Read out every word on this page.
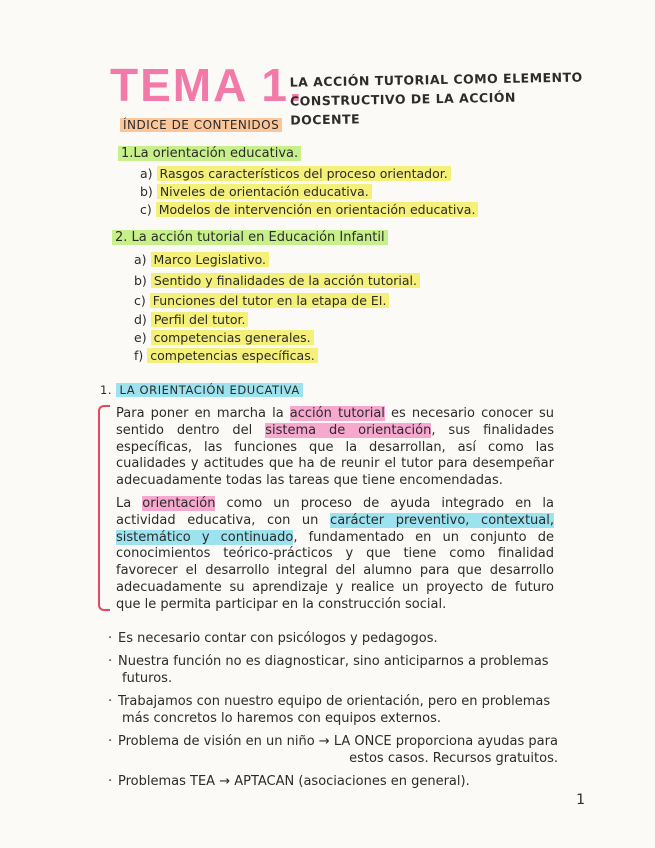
TEMA 1.
LA ACCIÓN TUTORIAL COMO ELEMENTO
CONSTRUCTIVO DE LA ACCIÓN DOCENTE
ÍNDICE DE CONTENIDOS
1.La orientación educativa.
a) Rasgos característicos del proceso orientador.
b) Niveles de orientación educativa.
c) Modelos de intervención en orientación educativa.
2. La acción tutorial en Educación Infantil
a) Marco Legislativo.
b) Sentido y finalidades de la acción tutorial.
c) Funciones del tutor en la etapa de EI.
d) Perfil del tutor.
e) competencias generales.
f) competencias específicas.
1. LA ORIENTACIÓN EDUCATIVA
Para poner en marcha la acción tutorial es necesario conocer su sentido dentro del sistema de orientación, sus finalidades específicas, las funciones que la desarrollan, así como las cualidades y actitudes que ha de reunir el tutor para desempeñar adecuadamente todas las tareas que tiene encomendadas.
La orientación como un proceso de ayuda integrado en la actividad educativa, con un carácter preventivo, contextual, sistemático y continuado, fundamentado en un conjunto de conocimientos teórico-prácticos y que tiene como finalidad favorecer el desarrollo integral del alumno para que desarrollo adecuadamente su aprendizaje y realice un proyecto de futuro que le permita participar en la construcción social.
· Es necesario contar con psicólogos y pedagogos.
· Nuestra función no es diagnosticar, sino anticiparnos a problemas
futuros.
· Trabajamos con nuestro equipo de orientación, pero en problemas
más concretos lo haremos con equipos externos.
· Problema de visión en un niño → LA ONCE proporciona ayudas para
estos casos. Recursos gratuitos.
· Problemas TEA → APTACAN (asociaciones en general).
1
